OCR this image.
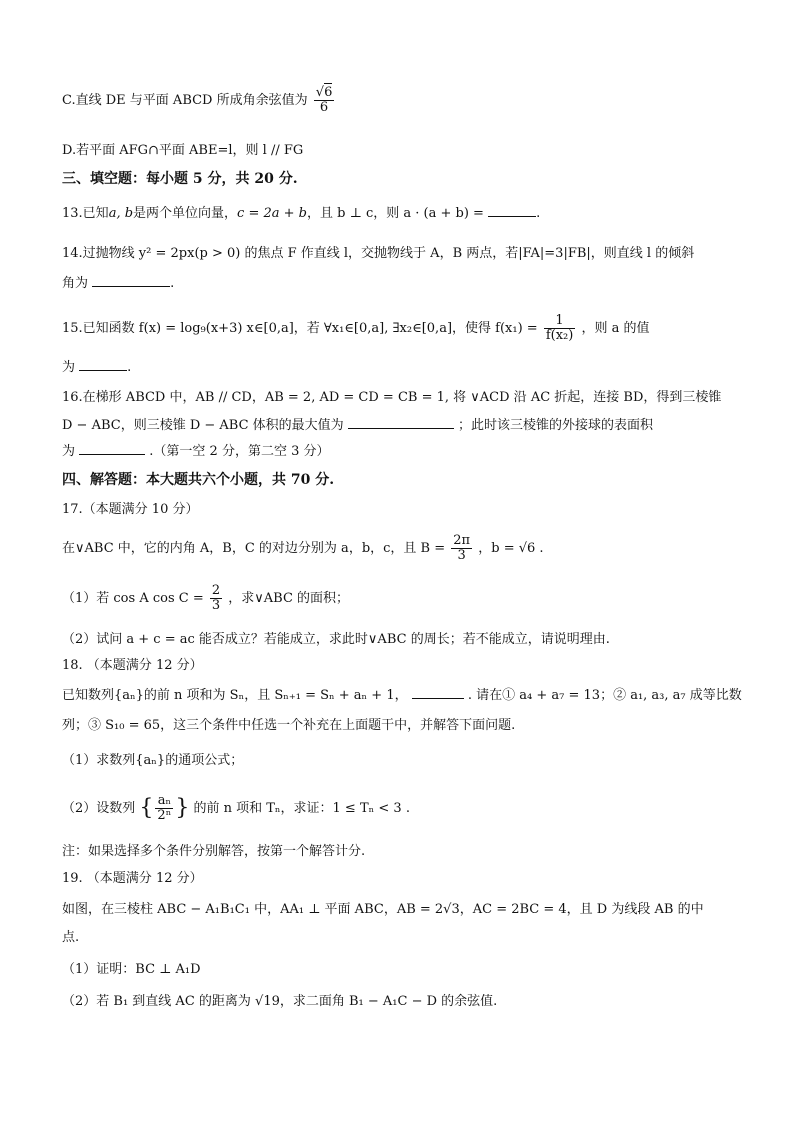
C.直线 DE 与平面 ABCD 所成角余弦值为 $\frac{√6}{6}$
D.若平面 AFG∩平面 ABE=l，则 l // FG
三、填空题：每小题 5 分，共 20 分.
13.已知a, b是两个单位向量，c = 2a + b，且 b ⊥ c，则 a · (a + b) =	.
14.过抛物线 y² = 2px(p > 0) 的焦点 F 作直线 l，交抛物线于 A，B 两点，若|FA|=3|FB|，则直线 l 的倾斜
角为	.
15.已知函数 f(x) = log₉(x+3) x∈[0,a]，若 ∀x₁∈[0,a], ∃x₂∈[0,a]，使得 $f(x_1) = \frac{1}{\text{f(x₂)}}$ ，则 a 的值
为	.
16.在梯形 ABCD 中，AB // CD，AB = 2, AD = CD = CB = 1, 将 ∨ACD 沿 AC 折起，连接 BD，得到三棱锥
D − ABC，则三棱锥 D − ABC 体积的最大值为	；此时该三棱锥的外接球的表面积
为	.（第一空 2 分，第二空 3 分）
四、解答题：本大题共六个小题，共 70 分.
17.（本题满分 10 分）
在∨ABC 中，它的内角 A，B，C 的对边分别为 a，b，c，且 $B = \frac{2\pi}{3}$ ，b = √6 .
（1）若 cos A $\cos C = \frac{2}{3}$ ，求∨ABC 的面积；
（2）试问 a + c = ac 能否成立？若能成立，求此时∨ABC 的周长；若不能成立，请说明理由.
18. （本题满分 12 分）
已知数列{aₙ}的前 n 项和为 Sₙ，且 Sₙ₊₁ = Sₙ + aₙ + 1，	. 请在① a₄ + a₇ = 13；② a₁, a₃, a₇ 成等比数
列；③ S₁₀ = 65，这三个条件中任选一个补充在上面题干中，并解答下面问题.
（1）求数列{aₙ}的通项公式；
（2）设数列 { $\frac{\text{aₙ}}{\text{2ⁿ}}$ } 的前 n 项和 Tₙ，求证：1 ≤ Tₙ < 3 .
注：如果选择多个条件分别解答，按第一个解答计分.
19. （本题满分 12 分）
如图，在三棱柱 ABC − A₁B₁C₁ 中，AA₁ ⊥ 平面 ABC，AB = 2√3，AC = 2BC = 4，且 D 为线段 AB 的中
点.
（1）证明：BC ⊥ A₁D
（2）若 B₁ 到直线 AC 的距离为 √19，求二面角 B₁ − A₁C − D 的余弦值.
